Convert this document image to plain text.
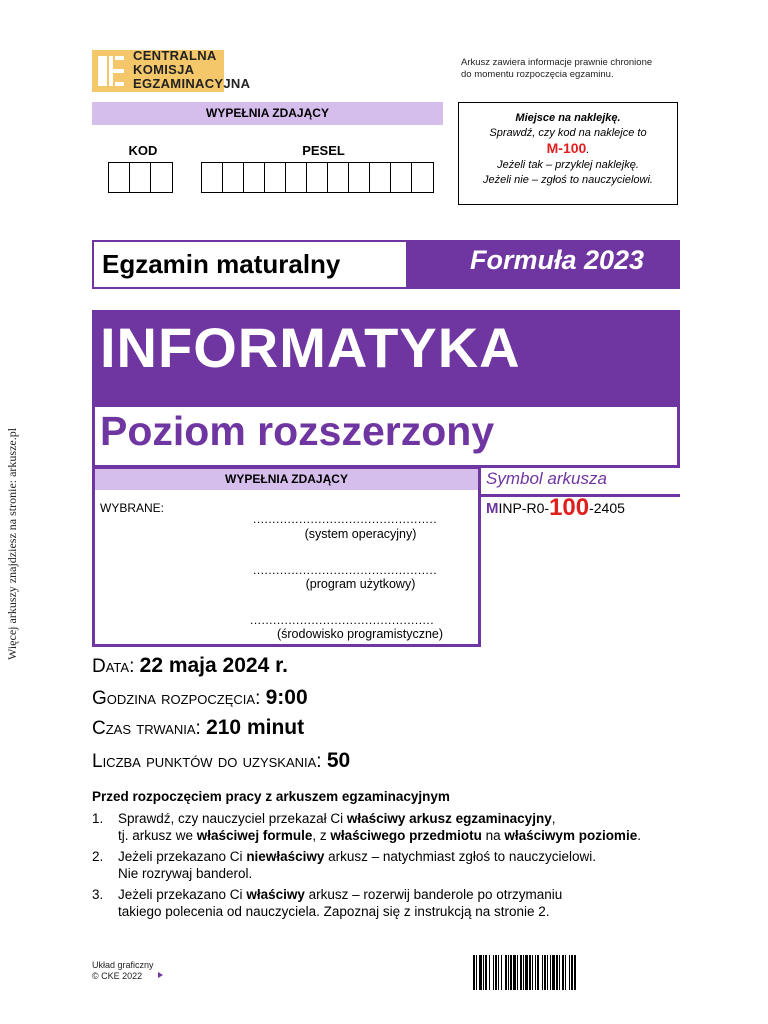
CENTRALNA
KOMISJA
EGZAMINACYJNA
Arkusz zawiera informacje prawnie chronione
do momentu rozpoczęcia egzaminu.
WYPEŁNIA ZDAJĄCY
KOD	PESEL
Miejsce na naklejkę.
Sprawdź, czy kod na naklejce to
M-100.
Jeżeli tak – przyklej naklejkę.
Jeżeli nie – zgłoś to nauczycielowi.
Egzamin maturalny	Formuła 2023
INFORMATYKA
Poziom rozszerzony
WYPEŁNIA ZDAJĄCY
WYBRANE:
................................................
(system operacyjny)
................................................
(program użytkowy)
................................................
(środowisko programistyczne)
Symbol arkusza
MINP-R0-100-2405
Data: 22 maja 2024 r.
Godzina rozpoczęcia: 9:00
Czas trwania: 210 minut
Liczba punktów do uzyskania: 50
Przed rozpoczęciem pracy z arkuszem egzaminacyjnym
1. Sprawdź, czy nauczyciel przekazał Ci właściwy arkusz egzaminacyjny,
tj. arkusz we właściwej formule, z właściwego przedmiotu na właściwym poziomie.
2. Jeżeli przekazano Ci niewłaściwy arkusz – natychmiast zgłoś to nauczycielowi.
Nie rozrywaj banderol.
3. Jeżeli przekazano Ci właściwy arkusz – rozerwij banderole po otrzymaniu
takiego polecenia od nauczyciela. Zapoznaj się z instrukcją na stronie 2.
Układ graficzny
© CKE 2022
Więcej arkuszy znajdziesz na stronie: arkusze.pl
